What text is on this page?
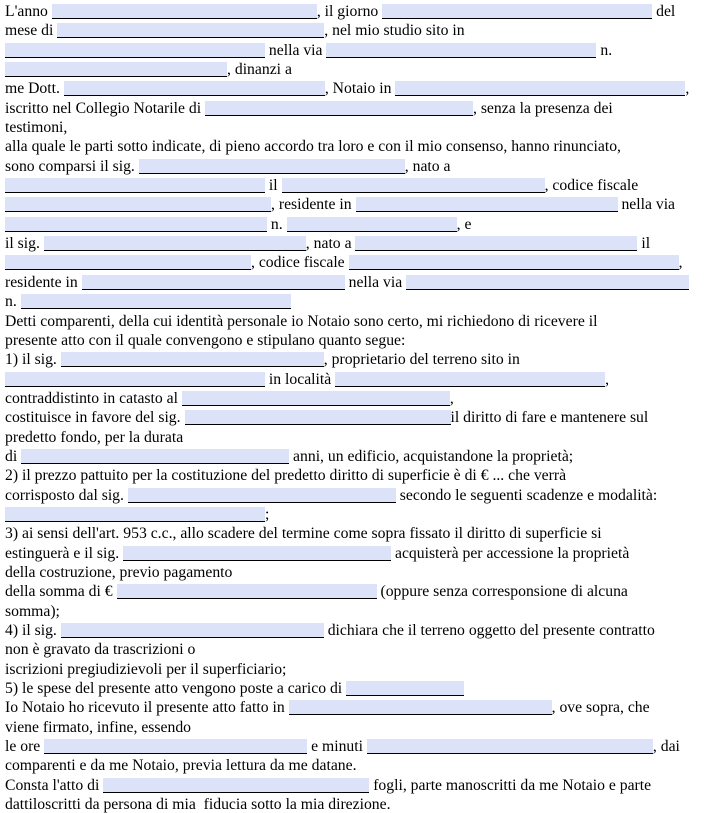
L'anno	, il giorno	del
mese di	, nel mio studio sito in
nella via	n.
, dinanzi a
me Dott.	, Notaio in	,
iscritto nel Collegio Notarile di	, senza la presenza dei
testimoni,
alla quale le parti sotto indicate, di pieno accordo tra loro e con il mio consenso, hanno rinunciato,
sono comparsi il sig.	, nato a
il	, codice fiscale
, residente in	nella via
n.	, e
il sig.	, nato a	il
, codice fiscale	,
residente in	nella via
n.
Detti comparenti, della cui identità personale io Notaio sono certo, mi richiedono di ricevere il
presente atto con il quale convengono e stipulano quanto segue:
1) il sig.	, proprietario del terreno sito in
in località	,
contraddistinto in catasto al	,
costituisce in favore del sig.	il diritto di fare e mantenere sul
predetto fondo, per la durata
di	anni, un edificio, acquistandone la proprietà;
2) il prezzo pattuito per la costituzione del predetto diritto di superficie è di € ... che verrà
corrisposto dal sig.	secondo le seguenti scadenze e modalità:
;
3) ai sensi dell'art. 953 c.c., allo scadere del termine come sopra fissato il diritto di superficie si
estinguerà e il sig.	acquisterà per accessione la proprietà
della costruzione, previo pagamento
della somma di €	(oppure senza corresponsione di alcuna
somma);
4) il sig.	dichiara che il terreno oggetto del presente contratto
non è gravato da trascrizioni o
iscrizioni pregiudizievoli per il superficiario;
5) le spese del presente atto vengono poste a carico di
Io Notaio ho ricevuto il presente atto fatto in	, ove sopra, che
viene firmato, infine, essendo
le ore	e minuti	, dai
comparenti e da me Notaio, previa lettura da me datane.
Consta l'atto di	fogli, parte manoscritti da me Notaio e parte
dattiloscritti da persona di mia  fiducia sotto la mia direzione.
